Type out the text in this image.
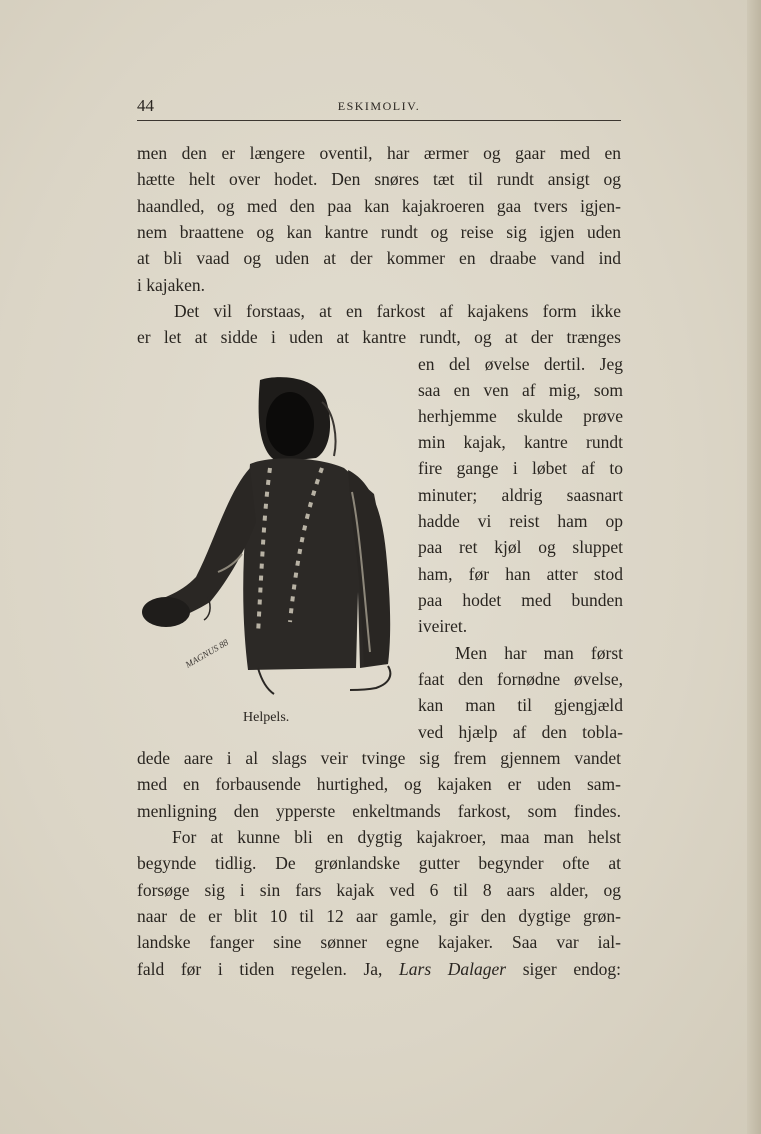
44	ESKIMOLIV.
men den er længere oventil, har ærmer og gaar med en
hætte helt over hodet. Den snøres tæt til rundt ansigt og
haandled, og med den paa kan kajakroeren gaa tvers igjen-
nem braattene og kan kantre rundt og reise sig igjen uden
at bli vaad og uden at der kommer en draabe vand ind
i kajaken.
Det vil forstaas, at en farkost af kajakens form ikke
er let at sidde i uden at kantre rundt, og at der trænges
en del øvelse dertil. Jeg
saa en ven af mig, som
herhjemme skulde prøve
min kajak, kantre rundt
fire gange i løbet af to
minuter; aldrig saasnart
hadde vi reist ham op
paa ret kjøl og sluppet
ham, før han atter stod
paa hodet med bunden
iveiret.
Men har man først
faat den fornødne øvelse,
kan man til gjengjæld
ved hjælp af den tobla-
dede aare i al slags veir tvinge sig frem gjennem vandet
med en forbausende hurtighed, og kajaken er uden sam-
menligning den ypperste enkeltmands farkost, som findes.
For at kunne bli en dygtig kajakroer, maa man helst
begynde tidlig. De grønlandske gutter begynder ofte at
forsøge sig i sin fars kajak ved 6 til 8 aars alder, og
naar de er blit 10 til 12 aar gamle, gir den dygtige grøn-
landske fanger sine sønner egne kajaker. Saa var ial-
fald før i tiden regelen. Ja, Lars Dalager siger endog:
MAGNUS 88
Helpels.
